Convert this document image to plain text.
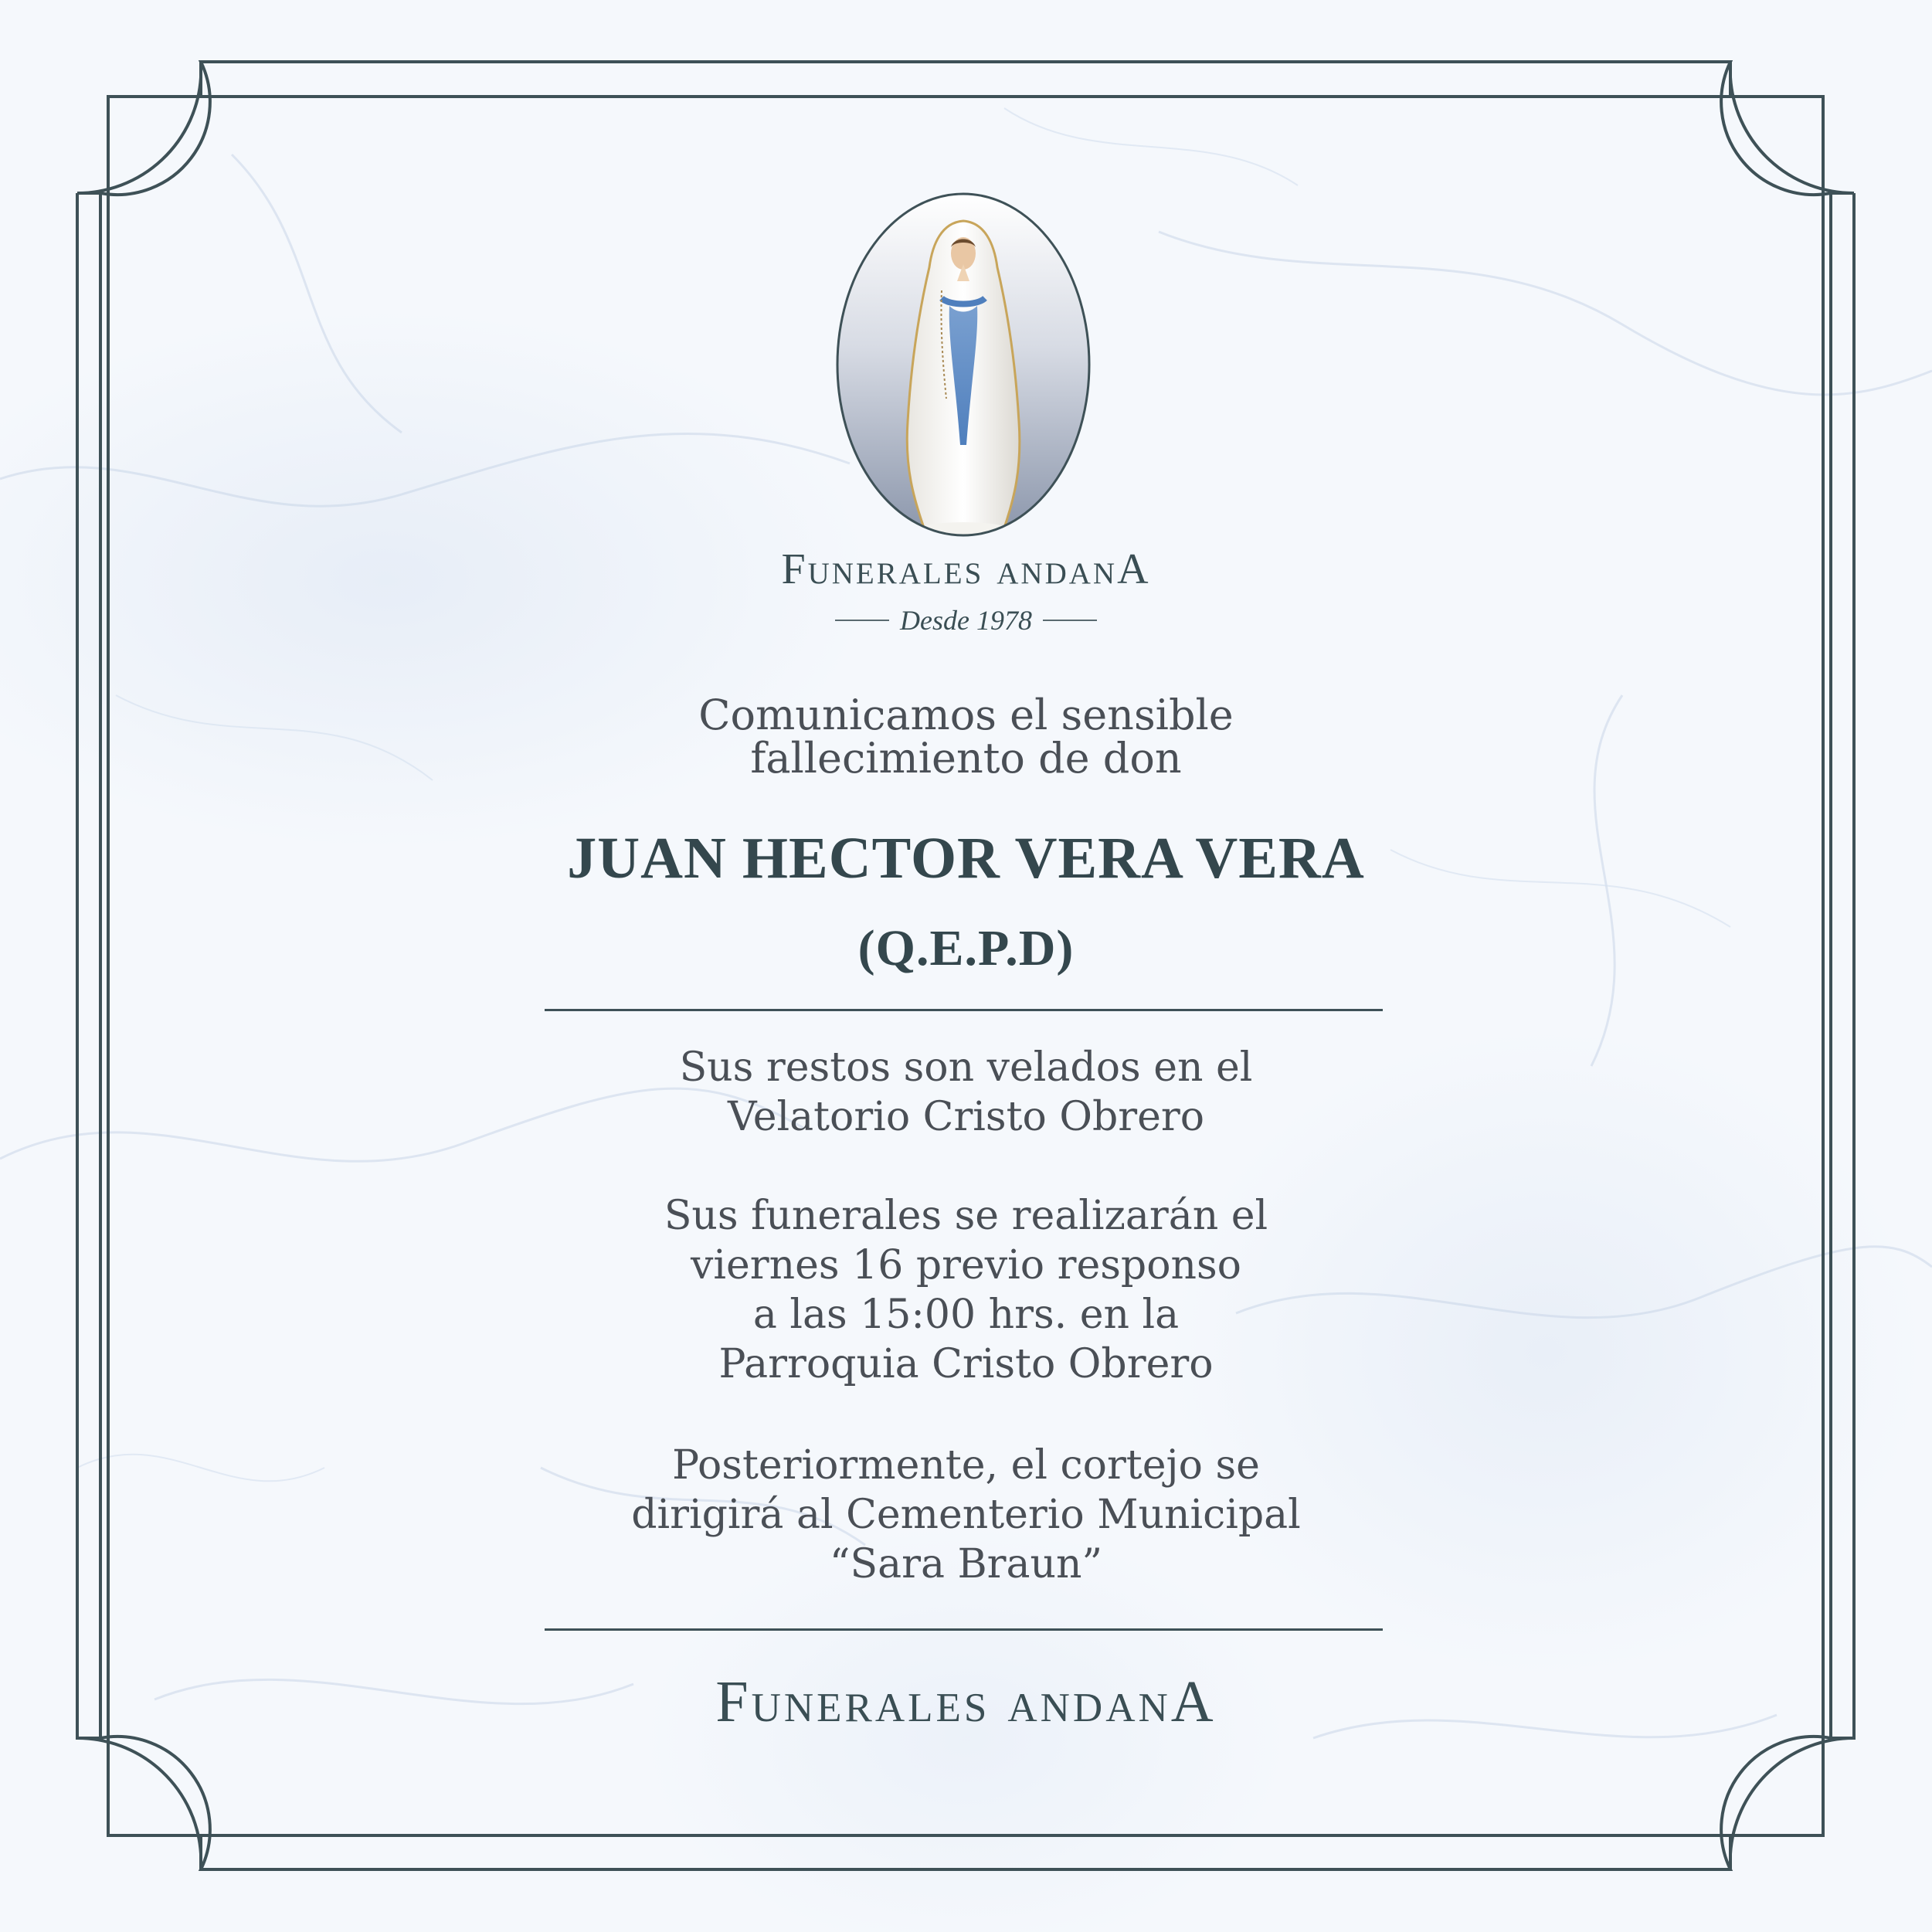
Funerales andanA
Desde 1978
Comunicamos el sensible
fallecimiento de don
JUAN HECTOR VERA VERA
(Q.E.P.D)
Sus restos son velados en el
Velatorio Cristo Obrero
Sus funerales se realizarán el
viernes 16 previo responso
a las 15:00 hrs. en la
Parroquia Cristo Obrero
Posteriormente, el cortejo se
dirigirá al Cementerio Municipal
“Sara Braun”
Funerales andanA
